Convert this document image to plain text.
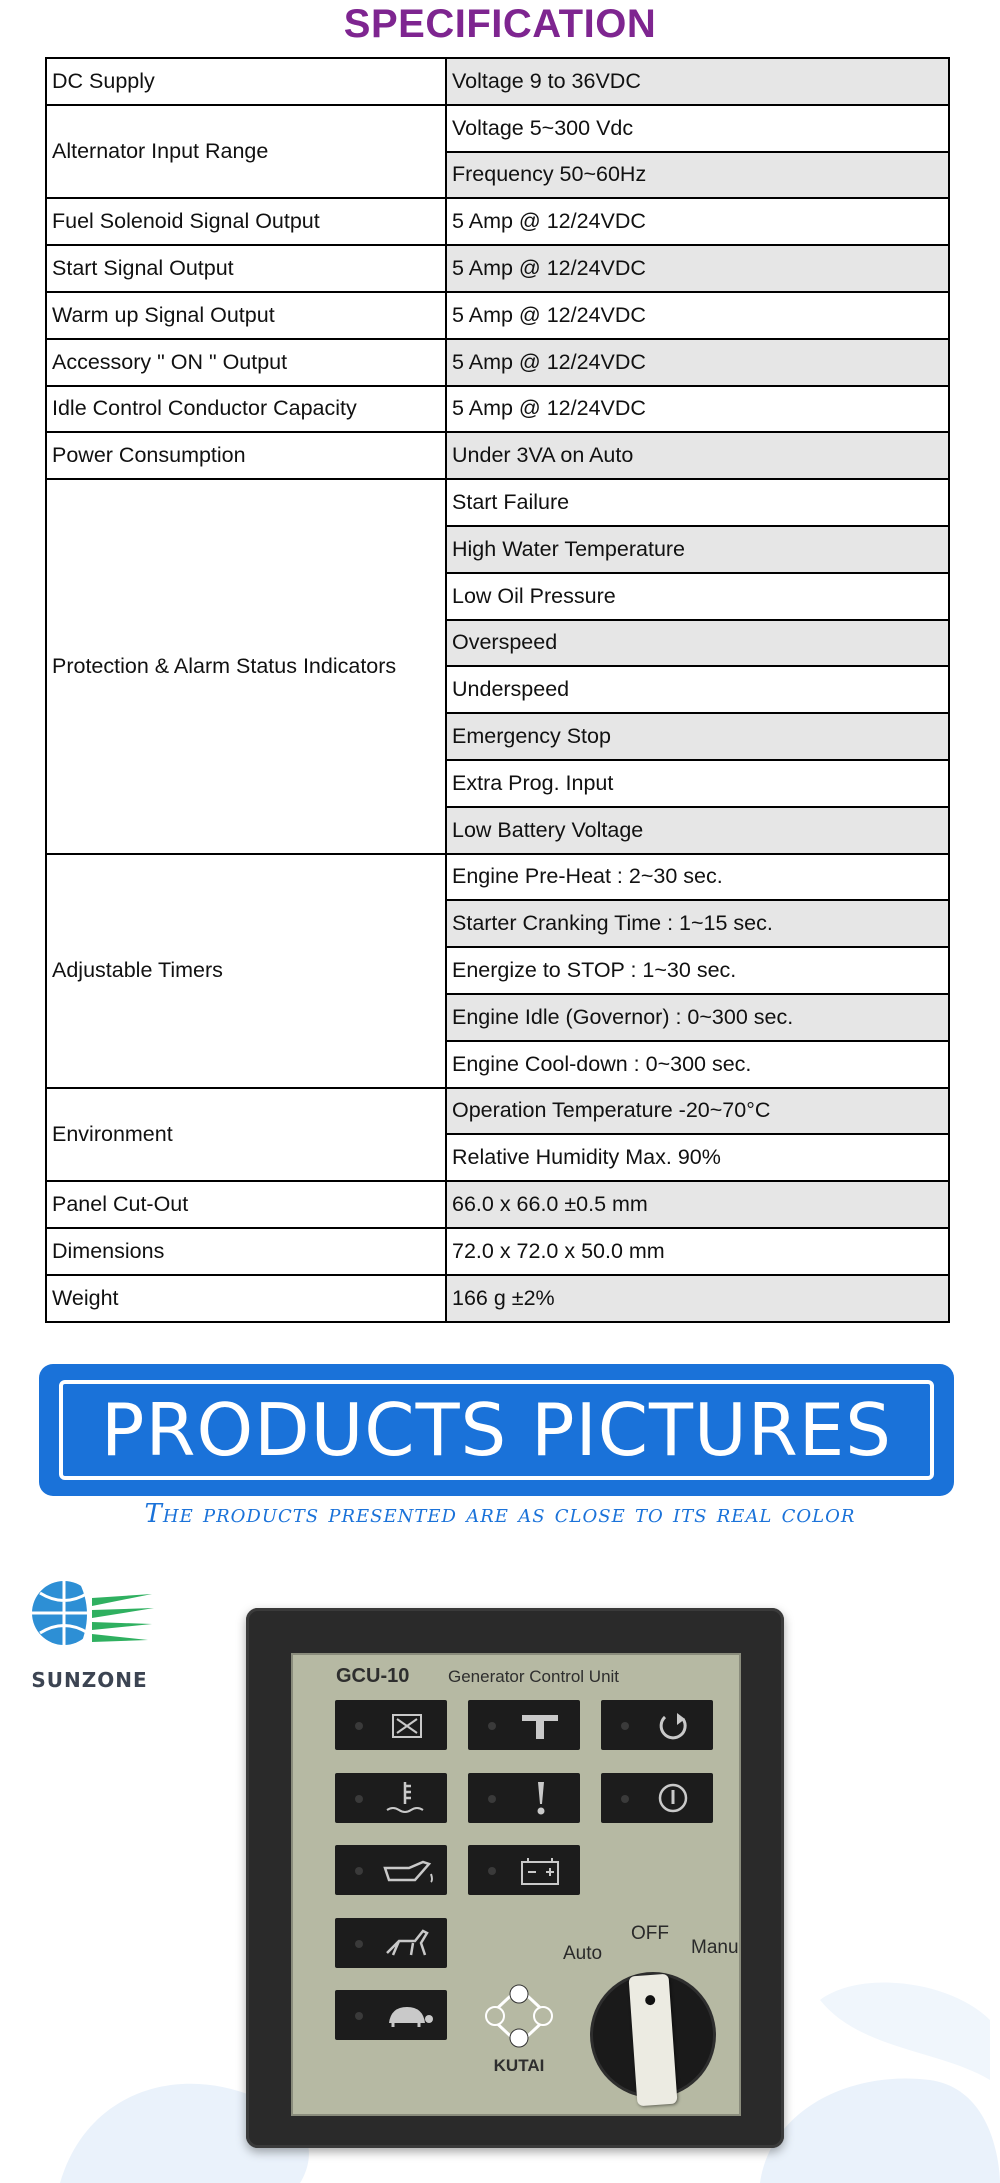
SPECIFICATION
DC Supply	Voltage 9 to 36VDC
Alternator Input Range	Voltage 5~300 Vdc
	Frequency 50~60Hz
Fuel Solenoid Signal Output	5 Amp @ 12/24VDC
Start Signal Output	5 Amp @ 12/24VDC
Warm up Signal Output	5 Amp @ 12/24VDC
Accessory " ON " Output	5 Amp @ 12/24VDC
Idle Control Conductor Capacity	5 Amp @ 12/24VDC
Power Consumption	Under 3VA on Auto
Protection & Alarm Status Indicators	Start Failure
	High Water Temperature
	Low Oil Pressure
	Overspeed
	Underspeed
	Emergency Stop
	Extra Prog. Input
	Low Battery Voltage
Adjustable Timers	Engine Pre-Heat : 2~30 sec.
	Starter Cranking Time : 1~15 sec.
	Energize to STOP : 1~30 sec.
	Engine Idle (Governor) : 0~300 sec.
	Engine Cool-down : 0~300 sec.
Environment	Operation Temperature -20~70°C
	Relative Humidity Max. 90%
Panel Cut-Out	66.0 x 66.0 ±0.5 mm
Dimensions	72.0 x 72.0 x 50.0 mm
Weight	166 g ±2%
PRODUCTS PICTURES
The products presented are as close to its real color
SUNZONE	GCU-10 Generator Control Unit
KUTAI
Auto
OFF
Manu
